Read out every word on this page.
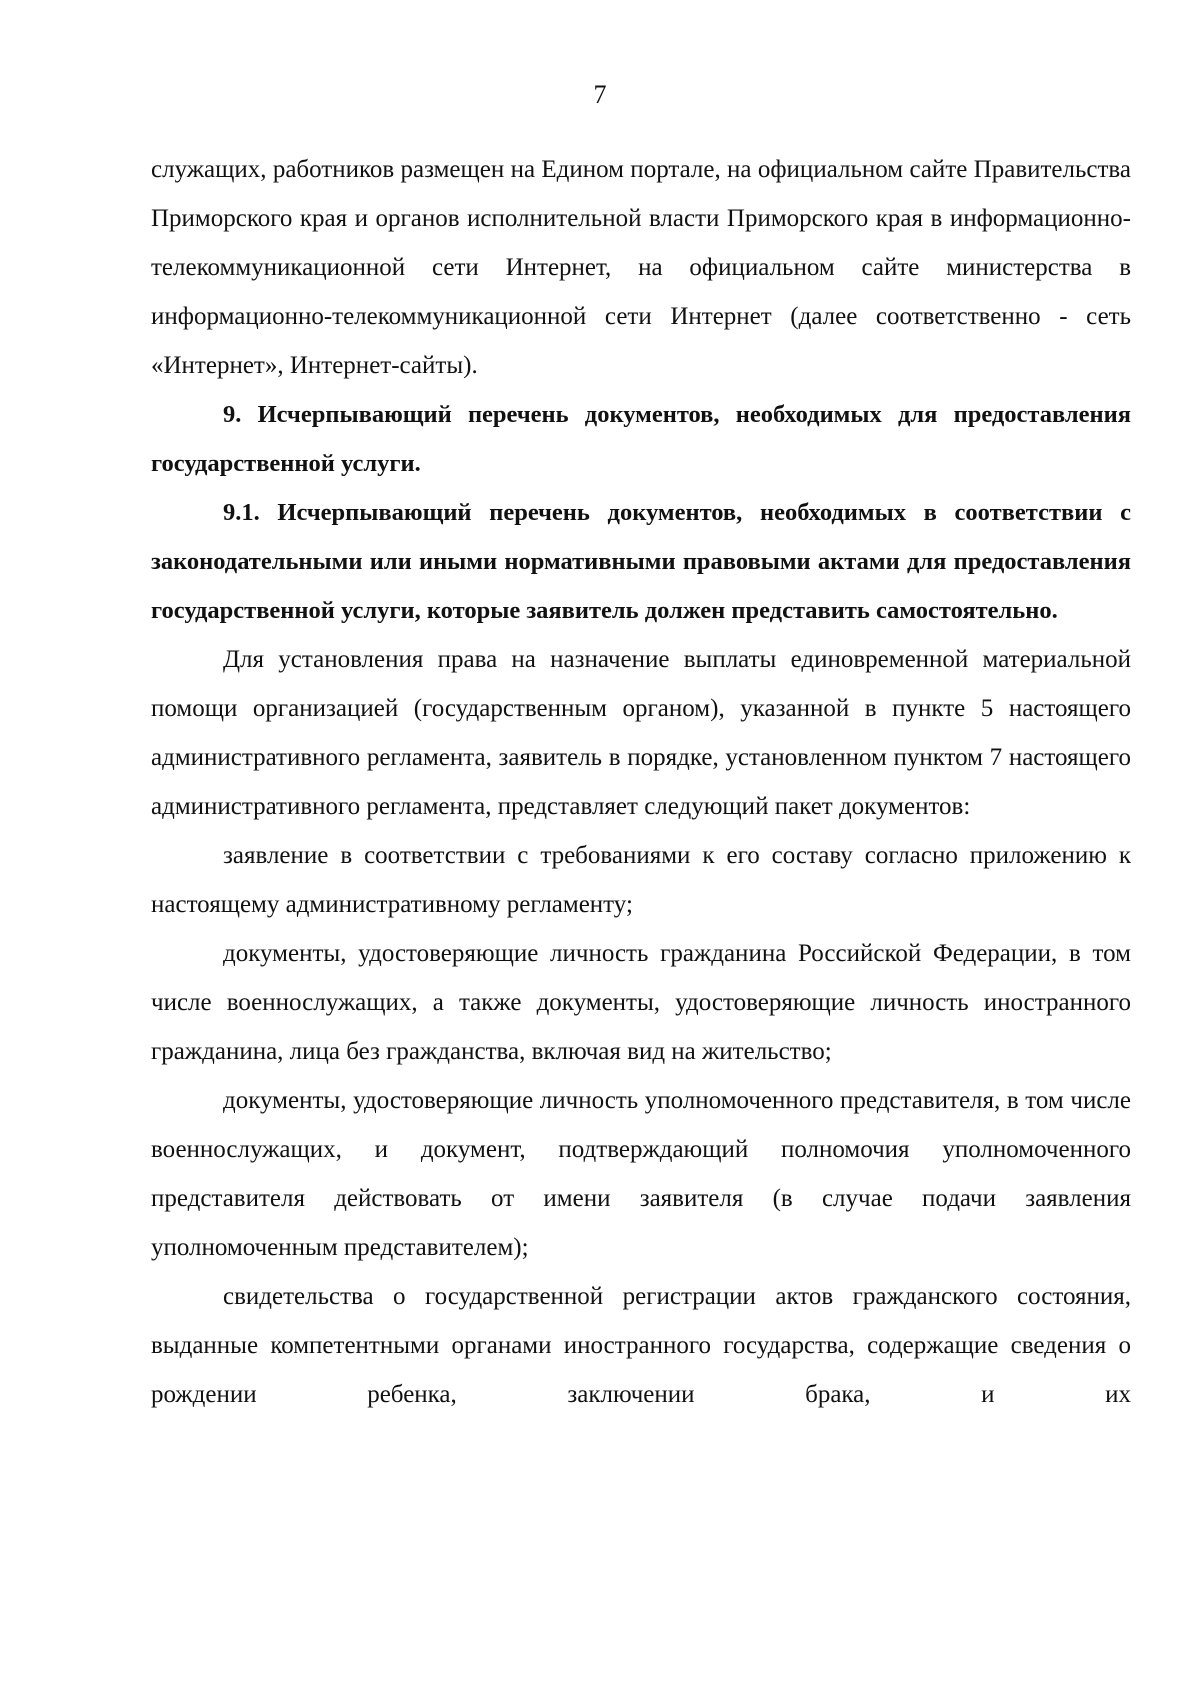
7

служащих, работников размещен на Едином портале, на официальном сайте Правительства Приморского края и органов исполнительной власти Приморского края в информационно-телекоммуникационной сети Интернет, на официальном сайте министерства в информационно-телекоммуникационной сети Интернет (далее соответственно - сеть «Интернет», Интернет-сайты).

9. Исчерпывающий перечень документов, необходимых для предоставления государственной услуги.

9.1. Исчерпывающий перечень документов, необходимых в соответствии с законодательными или иными нормативными правовыми актами для предоставления государственной услуги, которые заявитель должен представить самостоятельно.

Для установления права на назначение выплаты единовременной материальной помощи организацией (государственным органом), указанной в пункте 5 настоящего административного регламента, заявитель в порядке, установленном пунктом 7 настоящего административного регламента, представляет следующий пакет документов:

заявление в соответствии с требованиями к его составу согласно приложению к настоящему административному регламенту;

документы, удостоверяющие личность гражданина Российской Федерации, в том числе военнослужащих, а также документы, удостоверяющие личность иностранного гражданина, лица без гражданства, включая вид на жительство;

документы, удостоверяющие личность уполномоченного представителя, в том числе военнослужащих, и документ, подтверждающий полномочия уполномоченного представителя действовать от имени заявителя (в случае подачи заявления уполномоченным представителем);

свидетельства о государственной регистрации актов гражданского состояния, выданные компетентными органами иностранного государства, содержащие сведения о рождении ребенка, заключении брака, и их
